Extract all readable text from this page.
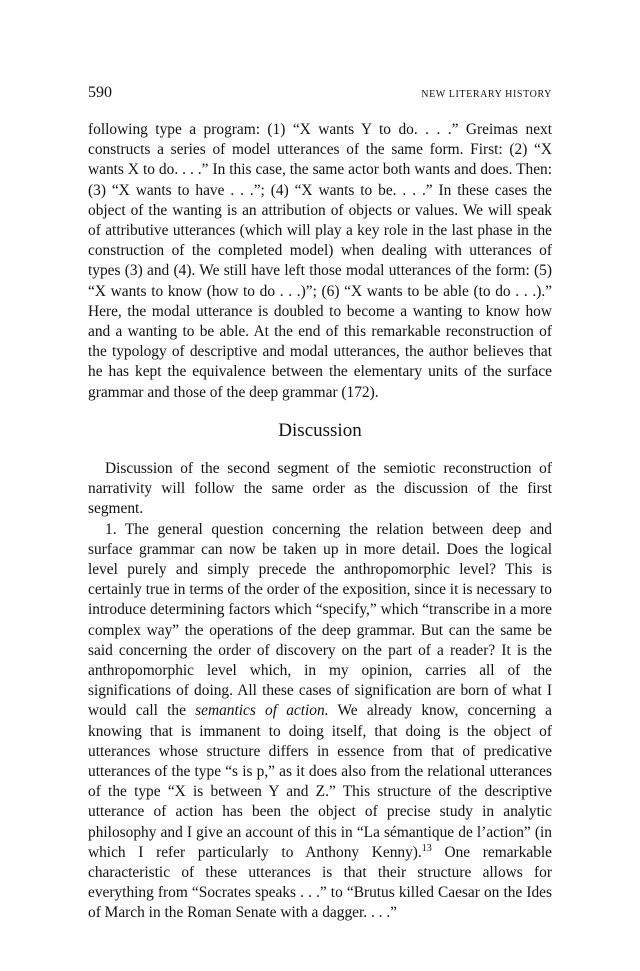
590	NEW LITERARY HISTORY

following type a program: (1) “X wants Y to do. . . .” Greimas next constructs a series of model utterances of the same form. First: (2) “X wants X to do. . . .” In this case, the same actor both wants and does. Then: (3) “X wants to have . . .”; (4) “X wants to be. . . .” In these cases the object of the wanting is an attribution of objects or values. We will speak of attributive utterances (which will play a key role in the last phase in the construction of the completed model) when dealing with utterances of types (3) and (4). We still have left those modal utterances of the form: (5) “X wants to know (how to do . . .)”; (6) “X wants to be able (to do . . .).” Here, the modal utterance is doubled to become a wanting to know how and a wanting to be able. At the end of this remarkable reconstruction of the typology of descriptive and modal utterances, the author believes that he has kept the equivalence between the elementary units of the surface grammar and those of the deep grammar (172).

Discussion

Discussion of the second segment of the semiotic reconstruction of narrativity will follow the same order as the discussion of the first segment.

1. The general question concerning the relation between deep and surface grammar can now be taken up in more detail. Does the logical level purely and simply precede the anthropomorphic level? This is certainly true in terms of the order of the exposition, since it is necessary to introduce determining factors which “specify,” which “transcribe in a more complex way” the operations of the deep grammar. But can the same be said concerning the order of discovery on the part of a reader? It is the anthropomorphic level which, in my opinion, carries all of the significations of doing. All these cases of signification are born of what I would call the semantics of action. We already know, concerning a knowing that is immanent to doing itself, that doing is the object of utterances whose structure differs in essence from that of predicative utterances of the type “s is p,” as it does also from the relational utterances of the type “X is between Y and Z.” This structure of the descriptive utterance of action has been the object of precise study in analytic philosophy and I give an account of this in “La sémantique de l’action” (in which I refer particularly to Anthony Kenny).$^{13}$ One remarkable characteristic of these utterances is that their structure allows for everything from “Socrates speaks . . .” to “Brutus killed Caesar on the Ides of March in the Roman Senate with a dagger. . . .”
